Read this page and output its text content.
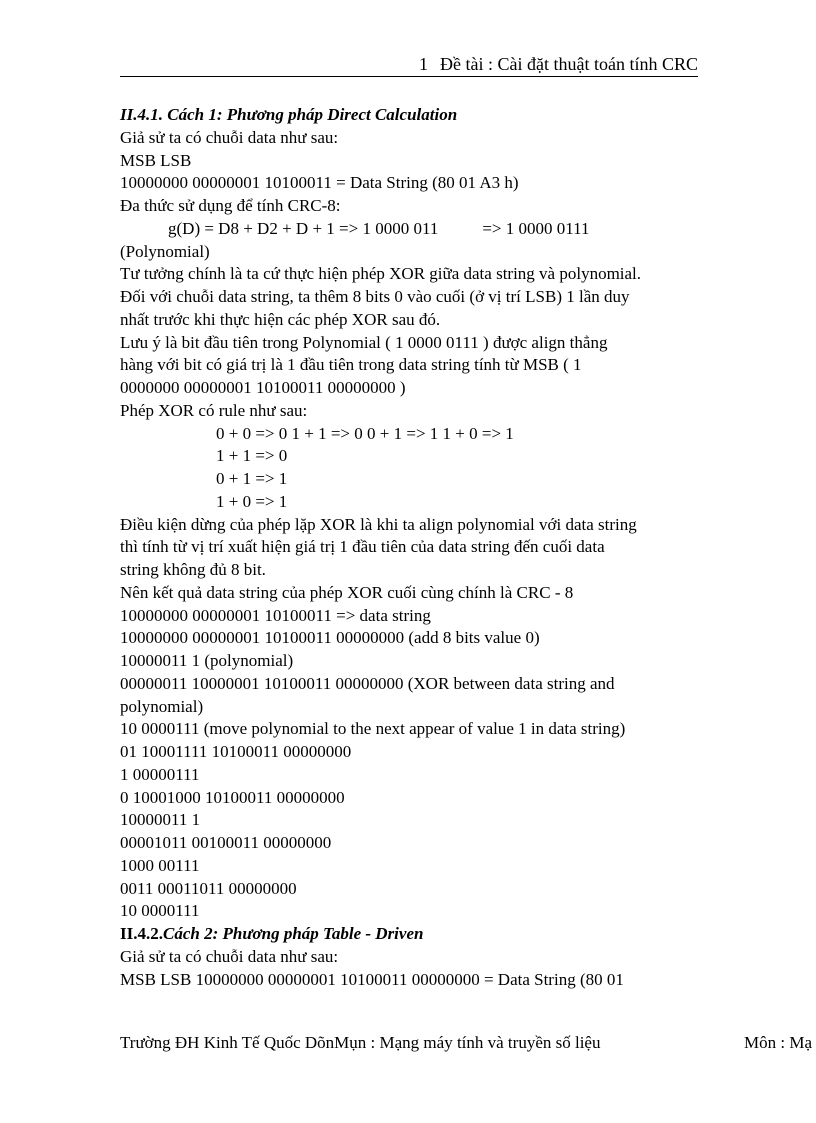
1 Đề tài : Cài đặt thuật toán tính CRC
II.4.1. Cách 1: Phương pháp Direct Calculation
Giả sử ta có chuỗi data như sau:
MSB LSB
10000000 00000001 10100011 = Data String (80 01 A3 h)
Đa thức sử dụng để tính CRC-8:
g(D) = D8 + D2 + D + 1 => 1 0000 011	=> 1 0000 0111
(Polynomial)
Tư tưởng chính là ta cứ thực hiện phép XOR giữa data string và polynomial.
Đối với chuỗi data string, ta thêm 8 bits 0 vào cuối (ở vị trí LSB) 1 lần duy
nhất trước khi thực hiện các phép XOR sau đó.
Lưu ý là bit đầu tiên trong Polynomial ( 1 0000 0111 ) được align thẳng
hàng với bit có giá trị là 1 đầu tiên trong data string tính từ MSB ( 1
0000000 00000001 10100011 00000000 )
Phép XOR có rule như sau:
0 + 0 => 0 1 + 1 => 0 0 + 1 => 1 1 + 0 => 1
1 + 1 => 0
0 + 1 => 1
1 + 0 => 1
Điều kiện dừng của phép lặp XOR là khi ta align polynomial với data string
thì tính từ vị trí xuất hiện giá trị 1 đầu tiên của data string đến cuối data
string không đủ 8 bit.
Nên kết quả data string của phép XOR cuối cùng chính là CRC - 8
10000000 00000001 10100011 => data string
10000000 00000001 10100011 00000000 (add 8 bits value 0)
10000011 1 (polynomial)
00000011 10000001 10100011 00000000 (XOR between data string and
polynomial)
10 0000111 (move polynomial to the next appear of value 1 in data string)
01 10001111 10100011 00000000
1 00000111
0 10001000 10100011 00000000
10000011 1
00001011 00100011 00000000
1000 00111
0011 00011011 00000000
10 0000111
II.4.2.Cách 2: Phương pháp Table - Driven
Giả sử ta có chuỗi data như sau:
MSB LSB 10000000 00000001 10100011 00000000 = Data String (80 01
Trường ĐH Kinh Tế Quốc DõnMụn : Mạng máy tính và truyền số liệu	Môn : Mạ
